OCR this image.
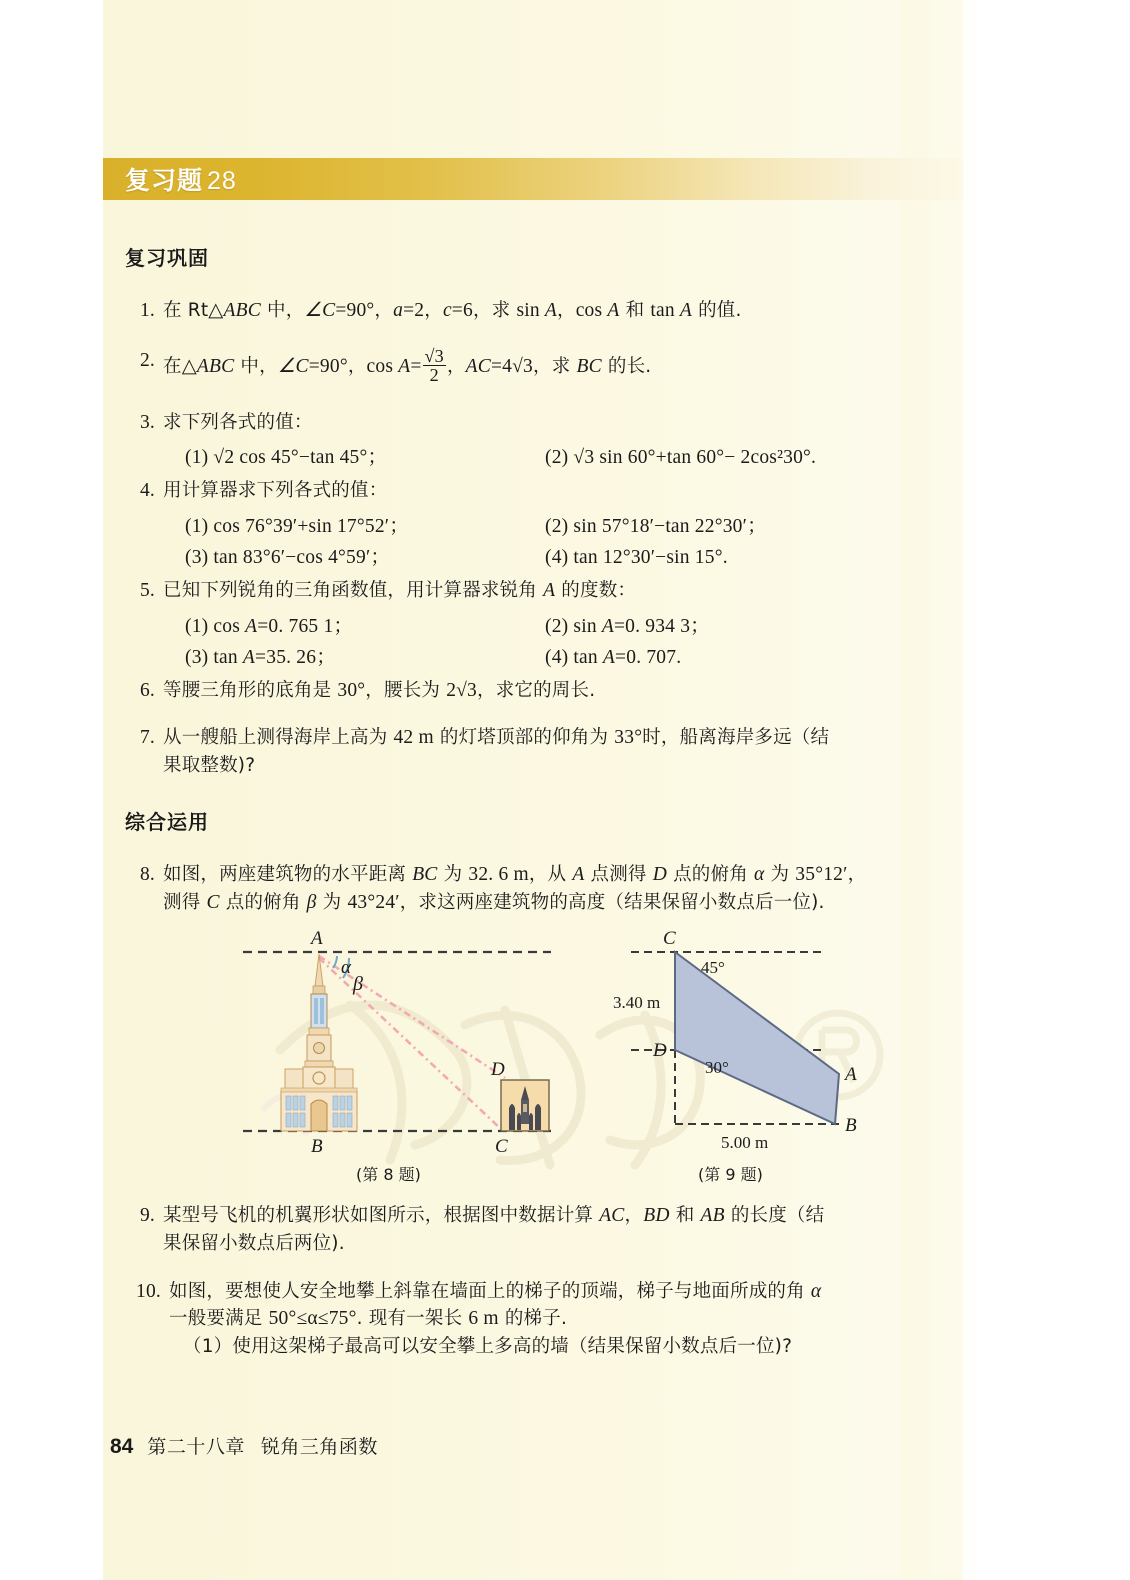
复习题 28
复习巩固
1. 在 Rt△ABC 中，∠C=90°，a=2，c=6，求 sin A，cos A 和 tan A 的值.
2. 在△ABC 中，∠C=90°，$\cos A= \frac{√3}{2}$ ，AC=4√3，求 BC 的长.
3. 求下列各式的值：
(1) √2 cos 45°−tan 45°；	(2) √3 sin 60°+tan 60°− 2cos²30°.
4. 用计算器求下列各式的值：
(1) cos 76°39′+sin 17°52′；	(2) sin 57°18′−tan 22°30′；
(3) tan 83°6′−cos 4°59′；	(4) tan 12°30′−sin 15°.
5. 已知下列锐角的三角函数值，用计算器求锐角 A 的度数：
(1) cos A=0. 765 1；	(2) sin A=0. 934 3；
(3) tan A=35. 26；	(4) tan A=0. 707.
6. 等腰三角形的底角是 30°，腰长为 2√3，求它的周长.
7. 从一艘船上测得海岸上高为 42 m 的灯塔顶部的仰角为 33°时，船离海岸多远（结
果取整数)?
综合运用
8. 如图，两座建筑物的水平距离 BC 为 32. 6 m，从 A 点测得 D 点的俯角 α 为 35°12′，
测得 C 点的俯角 β 为 43°24′，求这两座建筑物的高度（结果保留小数点后一位).
A
B	C
D
α
β
(第 8 题)
C
D
A
B
45°
30°
3.40 m
5.00 m
(第 9 题)
9. 某型号飞机的机翼形状如图所示，根据图中数据计算 AC，BD 和 AB 的长度（结
果保留小数点后两位).
10. 如图，要想使人安全地攀上斜靠在墙面上的梯子的顶端，梯子与地面所成的角 α
一般要满足 50°≤α≤75°. 现有一架长 6 m 的梯子.
（1）使用这架梯子最高可以安全攀上多高的墙（结果保留小数点后一位)?
84 第二十八章 锐角三角函数
